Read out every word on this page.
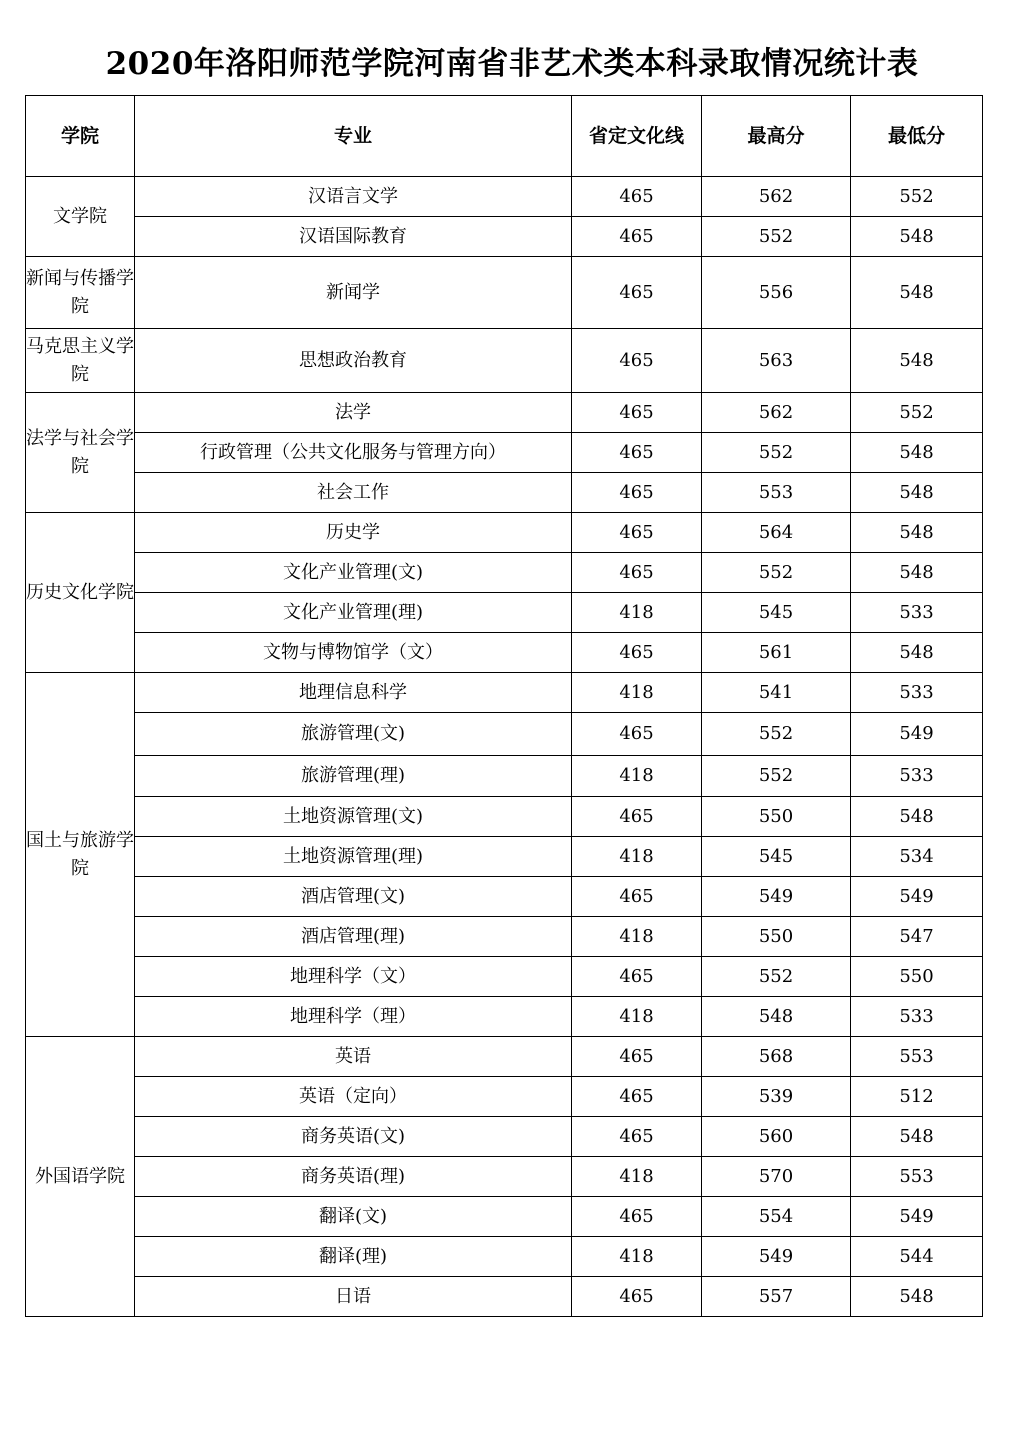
2020年洛阳师范学院河南省非艺术类本科录取情况统计表
学院	专业	省定文化线	最高分	最低分
文学院	汉语言文学	465	562	552
	汉语国际教育	465	552	548
新闻与传播学院	新闻学	465	556	548
马克思主义学院	思想政治教育	465	563	548
法学与社会学院	法学	465	562	552
	行政管理（公共文化服务与管理方向）	465	552	548
	社会工作	465	553	548
历史文化学院	历史学	465	564	548
	文化产业管理(文)	465	552	548
	文化产业管理(理)	418	545	533
	文物与博物馆学（文）	465	561	548
国土与旅游学院	地理信息科学	418	541	533
	旅游管理(文)	465	552	549
	旅游管理(理)	418	552	533
	土地资源管理(文)	465	550	548
	土地资源管理(理)	418	545	534
	酒店管理(文)	465	549	549
	酒店管理(理)	418	550	547
	地理科学（文）	465	552	550
	地理科学（理）	418	548	533
外国语学院	英语	465	568	553
	英语（定向）	465	539	512
	商务英语(文)	465	560	548
	商务英语(理)	418	570	553
	翻译(文)	465	554	549
	翻译(理)	418	549	544
	日语	465	557	548
